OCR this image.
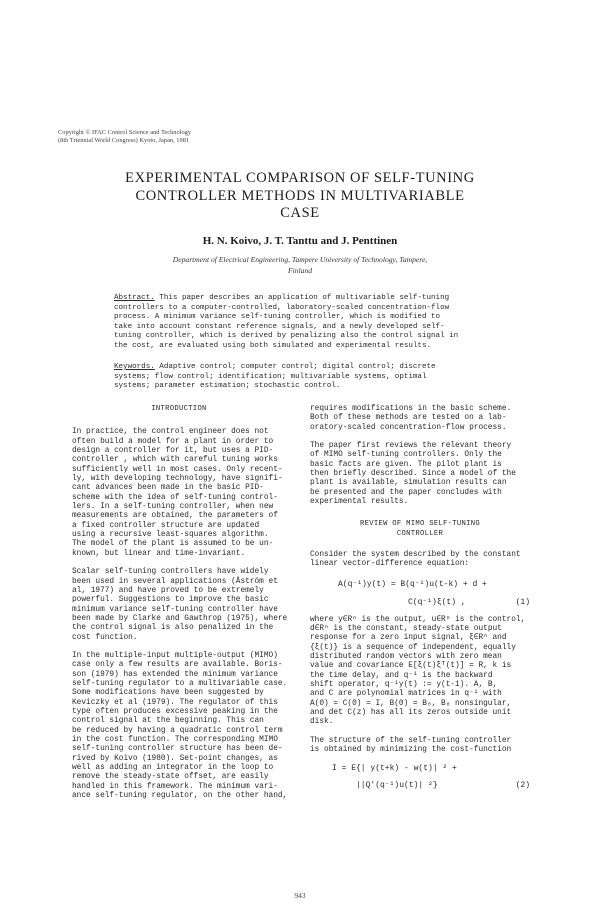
Copyright © IFAC Control Science and Technology
(8th Triennial World Congress) Kyoto, Japan, 1981
EXPERIMENTAL COMPARISON OF SELF-TUNING
CONTROLLER METHODS IN MULTIVARIABLE
CASE
H. N. Koivo, J. T. Tanttu and J. Penttinen
Department of Electrical Engineering, Tampere University of Technology, Tampere,
Finland
Abstract. This paper describes an application of multivariable self-tuning
controllers to a computer-controlled, laboratory-scaled concentration-flow
process. A minimum variance self-tuning controller, which is modified to
take into account constant reference signals, and a newly developed self-
tuning controller, which is derived by penalizing also the control signal in
the cost, are evaluated using both simulated and experimental results.
Keywords. Adaptive control; computer control; digital control; discrete
systems; flow control; identification; multivariable systems, optimal
systems; parameter estimation; stochastic control.
INTRODUCTION
In practice, the control engineer does not
often build a model for a plant in order to
design a controller for it, but uses a PID-
controller , which with careful tuning works
sufficiently well in most cases. Only recent-
ly, with developing technology, have signifi-
cant advances been made in the basic PID-
scheme with the idea of self-tuning control-
lers. In a self-tuning controller, when new
measurements are obtained, the parameters of
a fixed controller structure are updated
using a recursive least-squares algorithm.
The model of the plant is assumed to be un-
known, but linear and time-invariant.
Scalar self-tuning controllers have widely
been used in several applications (Åström et
al, 1977) and have proved to be extremely
powerful. Suggestions to improve the basic
minimum variance self-tuning controller have
been made by Clarke and Gawthrop (1975), where
the control signal is also penalized in the
cost function.
In the multiple-input multiple-output (MIMO)
case only a few results are available. Boris-
son (1979) has extended the minimum variance
self-tuning regulator to a multivariable case.
Some modifications have been suggested by
Keviczky et al (1979). The regulator of this
type often produces excessive peaking in the
control signal at the beginning. This can
be reduced by having a quadratic control term
in the cost function. The corresponding MIMO
self-tuning controller structure has been de-
rived by Koivo (1980). Set-point changes, as
well as adding an integrator in the loop to
remove the steady-state offset, are easily
handled in this framework. The minimum vari-
ance self-tuning regulator, on the other hand,
requires modifications in the basic scheme.
Both of these methods are tested on a lab-
oratory-scaled concentration-flow process.
The paper first reviews the relevant theory
of MIMO self-tuning controllers. Only the
basic facts are given. The pilot plant is
then briefly described. Since a model of the
plant is available, simulation results can
be presented and the paper concludes with
experimental results.
REVIEW OF MIMO SELF-TUNING
CONTROLLER
Consider the system described by the constant
linear vector-difference equation:
A(q⁻¹)y(t) = B(q⁻¹)u(t-k) + d +
C(q⁻¹)ξ(t) ,	(1)
where y∈Rⁿ is the output, u∈Rⁿ is the control,
d∈Rⁿ is the constant, steady-state output
response for a zero input signal, ξ∈Rⁿ and
{ξ(t)} is a sequence of independent, equally
distributed random vectors with zero mean
value and covariance E[ξ(t)ξᵀ(t)] = R, k is
the time delay, and q⁻¹ is the backward
shift operator, q⁻¹y(t) := y(t-1). A, B,
and C are polynomial matrices in q⁻¹ with
A(0) = C(0) = I, B(0) = B₀, B₀ nonsingular,
and det C(z) has all its zeros outside unit
disk.
The structure of the self-tuning controller
is obtained by minimizing the cost-function
I = E{| y(t+k) - w(t)| ² +
||Q'(q⁻¹)u(t)| ²}	(2)
943
